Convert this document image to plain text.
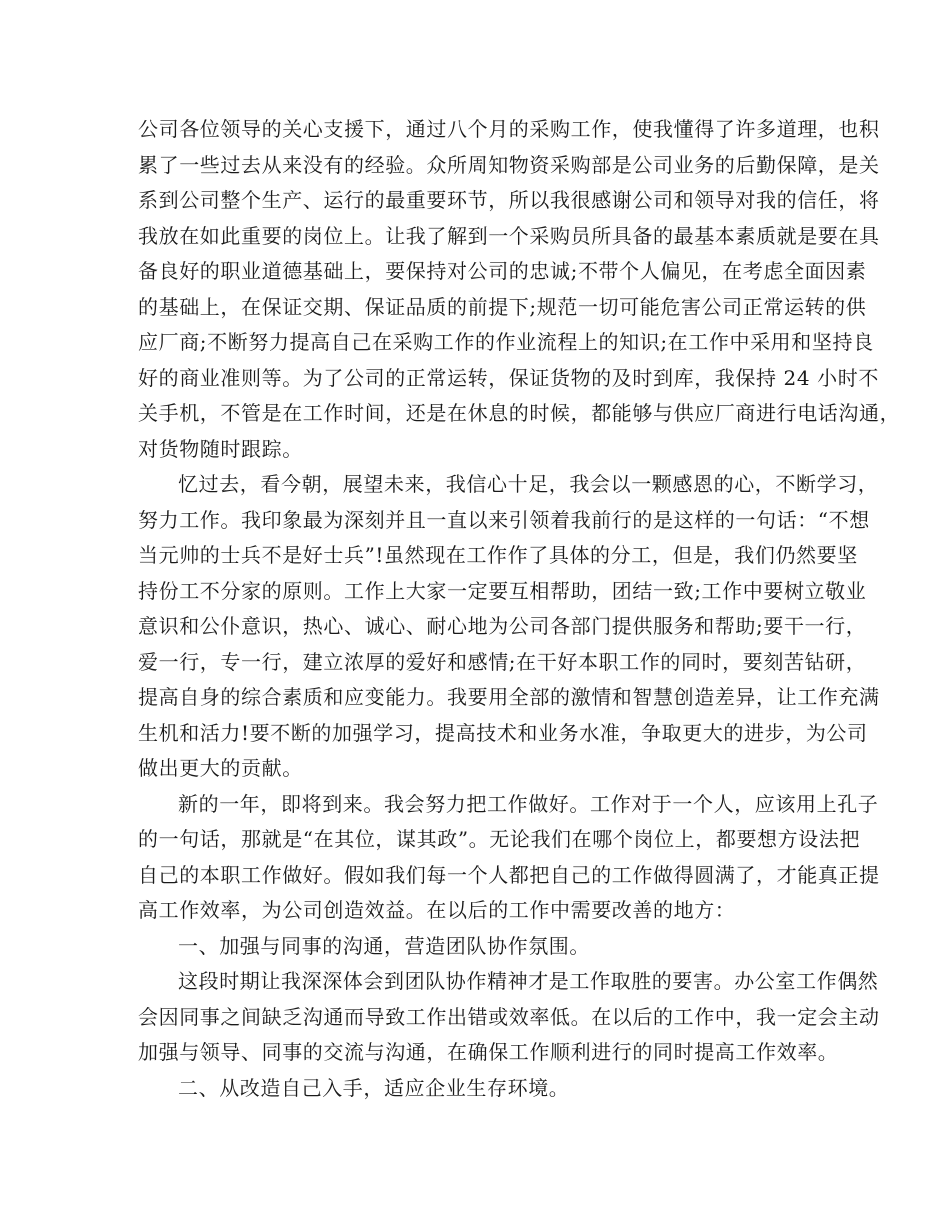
公司各位领导的关心支援下，通过八个月的采购工作，使我懂得了许多道理，也积
累了一些过去从来没有的经验。众所周知物资采购部是公司业务的后勤保障，是关
系到公司整个生产、运行的最重要环节，所以我很感谢公司和领导对我的信任，将
我放在如此重要的岗位上。让我了解到一个采购员所具备的最基本素质就是要在具
备良好的职业道德基础上，要保持对公司的忠诚;不带个人偏见，在考虑全面因素
的基础上，在保证交期、保证品质的前提下;规范一切可能危害公司正常运转的供
应厂商;不断努力提高自己在采购工作的作业流程上的知识;在工作中采用和坚持良
好的商业准则等。为了公司的正常运转，保证货物的及时到库，我保持 24 小时不
关手机，不管是在工作时间，还是在休息的时候，都能够与供应厂商进行电话沟通，
对货物随时跟踪。
忆过去，看今朝，展望未来，我信心十足，我会以一颗感恩的心，不断学习，
努力工作。我印象最为深刻并且一直以来引领着我前行的是这样的一句话：“不想
当元帅的士兵不是好士兵”!虽然现在工作作了具体的分工，但是，我们仍然要坚
持份工不分家的原则。工作上大家一定要互相帮助，团结一致;工作中要树立敬业
意识和公仆意识，热心、诚心、耐心地为公司各部门提供服务和帮助;要干一行，
爱一行，专一行，建立浓厚的爱好和感情;在干好本职工作的同时，要刻苦钻研，
提高自身的综合素质和应变能力。我要用全部的激情和智慧创造差异，让工作充满
生机和活力!要不断的加强学习，提高技术和业务水准，争取更大的进步，为公司
做出更大的贡献。
新的一年，即将到来。我会努力把工作做好。工作对于一个人，应该用上孔子
的一句话，那就是“在其位，谋其政”。无论我们在哪个岗位上，都要想方设法把
自己的本职工作做好。假如我们每一个人都把自己的工作做得圆满了，才能真正提
高工作效率，为公司创造效益。在以后的工作中需要改善的地方：
一、加强与同事的沟通，营造团队协作氛围。
这段时期让我深深体会到团队协作精神才是工作取胜的要害。办公室工作偶然
会因同事之间缺乏沟通而导致工作出错或效率低。在以后的工作中，我一定会主动
加强与领导、同事的交流与沟通，在确保工作顺利进行的同时提高工作效率。
二、从改造自己入手，适应企业生存环境。
